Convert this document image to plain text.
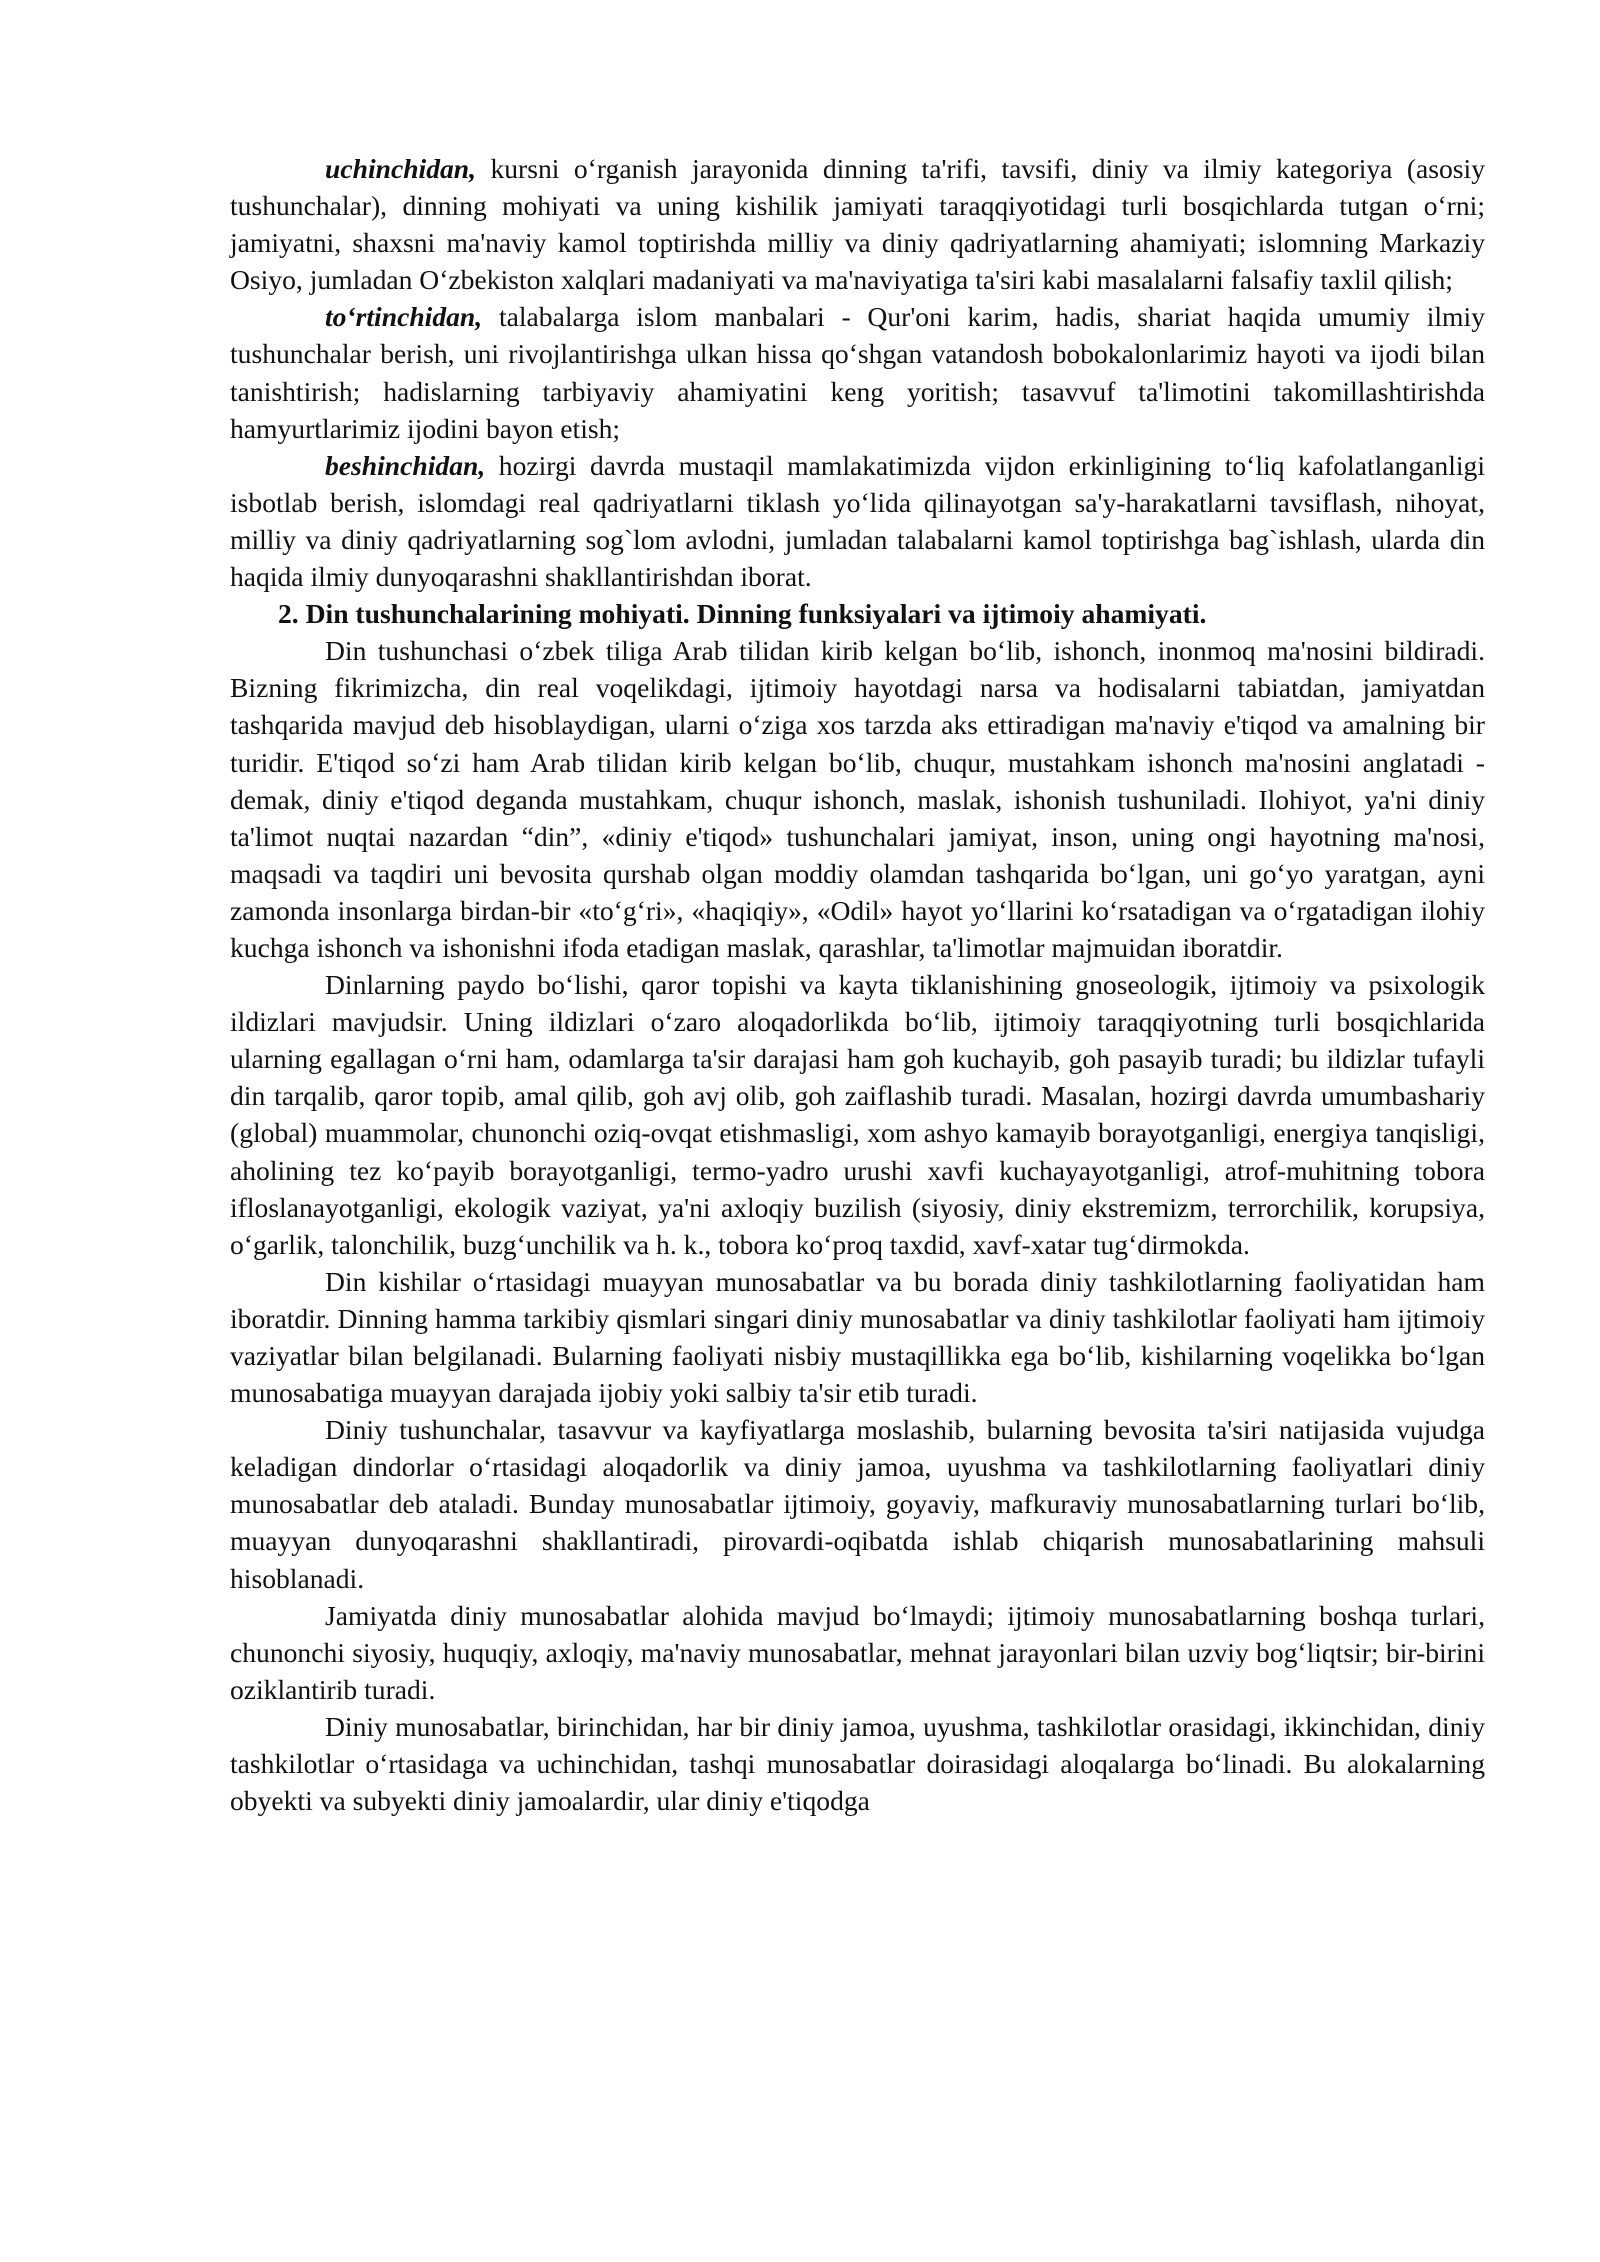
uchinchidan, kursni o‘rganish jarayonida dinning ta'rifi, tavsifi, diniy va ilmiy kategoriya (asosiy tushunchalar), dinning mohiyati va uning kishilik jamiyati taraqqiyotidagi turli bosqichlarda tutgan o‘rni; jamiyatni, shaxsni ma'naviy kamol toptirishda milliy va diniy qadriyatlarning ahamiyati; islomning Markaziy Osiyo, jumladan O‘zbekiston xalqlari madaniyati va ma'naviyatiga ta'siri kabi masalalarni falsafiy taxlil qilish;

to‘rtinchidan, talabalarga islom manbalari - Qur'oni karim, hadis, shariat haqida umumiy ilmiy tushunchalar berish, uni rivojlantirishga ulkan hissa qo‘shgan vatandosh bobokalonlarimiz hayoti va ijodi bilan tanishtirish; hadislarning tarbiyaviy ahamiyatini keng yoritish; tasavvuf ta'limotini takomillashtirishda hamyurtlarimiz ijodini bayon etish;

beshinchidan, hozirgi davrda mustaqil mamlakatimizda vijdon erkinligining to‘liq kafolatlanganligi isbotlab berish, islomdagi real qadriyatlarni tiklash yo‘lida qilinayotgan sa'y-harakatlarni tavsiflash, nihoyat, milliy va diniy qadriyatlarning sog`lom avlodni, jumladan talabalarni kamol toptirishga bag`ishlash, ularda din haqida ilmiy dunyoqarashni shakllantirishdan iborat.

2. Din tushunchalarining mohiyati. Dinning funksiyalari va ijtimoiy ahamiyati.

Din tushunchasi o‘zbek tiliga Arab tilidan kirib kelgan bo‘lib, ishonch, inonmoq ma'nosini bildiradi. Bizning fikrimizcha, din real voqelikdagi, ijtimoiy hayotdagi narsa va hodisalarni tabiatdan, jamiyatdan tashqarida mavjud deb hisoblaydigan, ularni o‘ziga xos tarzda aks ettiradigan ma'naviy e'tiqod va amalning bir turidir. E'tiqod so‘zi ham Arab tilidan kirib kelgan bo‘lib, chuqur, mustahkam ishonch ma'nosini anglatadi - demak, diniy e'tiqod deganda mustahkam, chuqur ishonch, maslak, ishonish tushuniladi. Ilohiyot, ya'ni diniy ta'limot nuqtai nazardan “din”, «diniy e'tiqod» tushunchalari jamiyat, inson, uning ongi hayotning ma'nosi, maqsadi va taqdiri uni bevosita qurshab olgan moddiy olamdan tashqarida bo‘lgan, uni go‘yo yaratgan, ayni zamonda insonlarga birdan-bir «to‘g‘ri», «haqiqiy», «Odil» hayot yo‘llarini ko‘rsatadigan va o‘rgatadigan ilohiy kuchga ishonch va ishonishni ifoda etadigan maslak, qarashlar, ta'limotlar majmuidan iboratdir.

Dinlarning paydo bo‘lishi, qaror topishi va kayta tiklanishining gnoseologik, ijtimoiy va psixologik ildizlari mavjudsir. Uning ildizlari o‘zaro aloqadorlikda bo‘lib, ijtimoiy taraqqiyotning turli bosqichlarida ularning egallagan o‘rni ham, odamlarga ta'sir darajasi ham goh kuchayib, goh pasayib turadi; bu ildizlar tufayli din tarqalib, qaror topib, amal qilib, goh avj olib, goh zaiflashib turadi. Masalan, hozirgi davrda umumbashariy (global) muammolar, chunonchi oziq-ovqat etishmasligi, xom ashyo kamayib borayotganligi, energiya tanqisligi, aholining tez ko‘payib borayotganligi, termo-yadro urushi xavfi kuchayayotganligi, atrof-muhitning tobora ifloslanayotganligi, ekologik vaziyat, ya'ni axloqiy buzilish (siyosiy, diniy ekstremizm, terrorchilik, korupsiya, o‘garlik, talonchilik, buzg‘unchilik va h. k., tobora ko‘proq taxdid, xavf-xatar tug‘dirmokda.

Din kishilar o‘rtasidagi muayyan munosabatlar va bu borada diniy tashkilotlarning faoliyatidan ham iboratdir. Dinning hamma tarkibiy qismlari singari diniy munosabatlar va diniy tashkilotlar faoliyati ham ijtimoiy vaziyatlar bilan belgilanadi. Bularning faoliyati nisbiy mustaqillikka ega bo‘lib, kishilarning voqelikka bo‘lgan munosabatiga muayyan darajada ijobiy yoki salbiy ta'sir etib turadi.

Diniy tushunchalar, tasavvur va kayfiyatlarga moslashib, bularning bevosita ta'siri natijasida vujudga keladigan dindorlar o‘rtasidagi aloqadorlik va diniy jamoa, uyushma va tashkilotlarning faoliyatlari diniy munosabatlar deb ataladi. Bunday munosabatlar ijtimoiy, goyaviy, mafkuraviy munosabatlarning turlari bo‘lib, muayyan dunyoqarashni shakllantiradi, pirovardi-oqibatda ishlab chiqarish munosabatlarining mahsuli hisoblanadi.

Jamiyatda diniy munosabatlar alohida mavjud bo‘lmaydi; ijtimoiy munosabatlarning boshqa turlari, chunonchi siyosiy, huquqiy, axloqiy, ma'naviy munosabatlar, mehnat jarayonlari bilan uzviy bog‘liqtsir; bir-birini oziklantirib turadi.

Diniy munosabatlar, birinchidan, har bir diniy jamoa, uyushma, tashkilotlar orasidagi, ikkinchidan, diniy tashkilotlar o‘rtasidaga va uchinchidan, tashqi munosabatlar doirasidagi aloqalarga bo‘linadi. Bu alokalarning obyekti va subyekti diniy jamoalardir, ular diniy e'tiqodga
